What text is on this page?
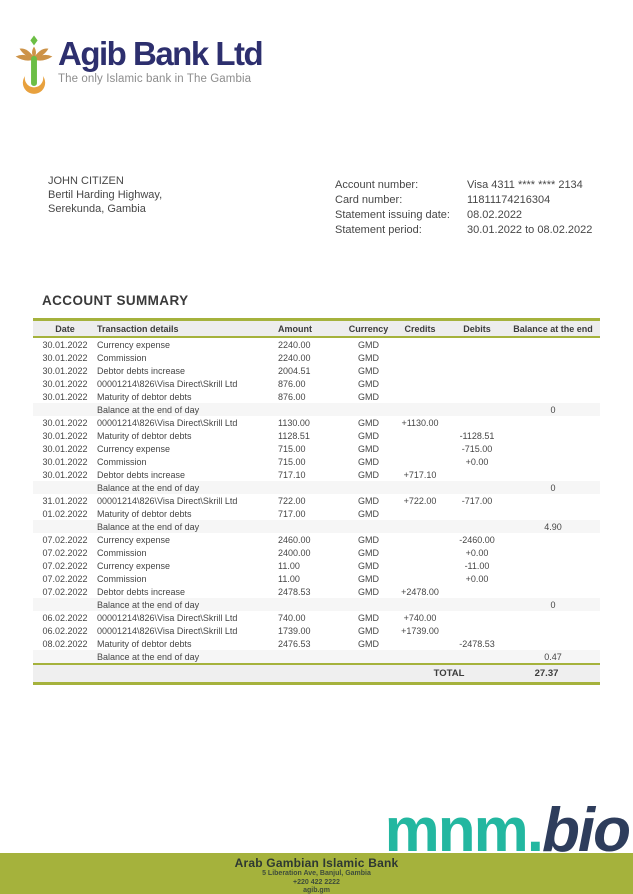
Agib Bank Ltd
The only Islamic bank in The Gambia
JOHN CITIZEN
Bertil Harding Highway,
Serekunda, Gambia
Account number:	Visa 4311 **** **** 2134
Card number:	11811174216304
Statement issuing date:	08.02.2022
Statement period:	30.01.2022 to 08.02.2022
ACCOUNT SUMMARY
Date	Transaction details	Amount	Currency	Credits	Debits	Balance at the end
30.01.2022	Currency expense	2240.00	GMD			
30.01.2022	Commission	2240.00	GMD			
30.01.2022	Debtor debts increase	2004.51	GMD			
30.01.2022	00001214\826\Visa Direct\Skrill Ltd	876.00	GMD			
30.01.2022	Maturity of debtor debts	876.00	GMD			
	Balance at the end of day					0
30.01.2022	00001214\826\Visa Direct\Skrill Ltd	1130.00	GMD	+1130.00		
30.01.2022	Maturity of debtor debts	1128.51	GMD		-1128.51	
30.01.2022	Currency expense	715.00	GMD		-715.00	
30.01.2022	Commission	715.00	GMD		+0.00	
30.01.2022	Debtor debts increase	717.10	GMD	+717.10		
	Balance at the end of day					0
31.01.2022	00001214\826\Visa Direct\Skrill Ltd	722.00	GMD	+722.00	-717.00	
01.02.2022	Maturity of debtor debts	717.00	GMD			
	Balance at the end of day					4.90
07.02.2022	Currency expense	2460.00	GMD		-2460.00	
07.02.2022	Commission	2400.00	GMD		+0.00	
07.02.2022	Currency expense	11.00	GMD		-11.00	
07.02.2022	Commission	11.00	GMD		+0.00	
07.02.2022	Debtor debts increase	2478.53	GMD	+2478.00		
	Balance at the end of day					0
06.02.2022	00001214\826\Visa Direct\Skrill Ltd	740.00	GMD	+740.00		
06.02.2022	00001214\826\Visa Direct\Skrill Ltd	1739.00	GMD	+1739.00		
08.02.2022	Maturity of debtor debts	2476.53	GMD		-2478.53	
	Balance at the end of day					0.47
				TOTAL		27.37
mnm.bio
Arab Gambian Islamic Bank
5 Liberation Ave, Banjul, Gambia
+220 422 2222
agib.gm
